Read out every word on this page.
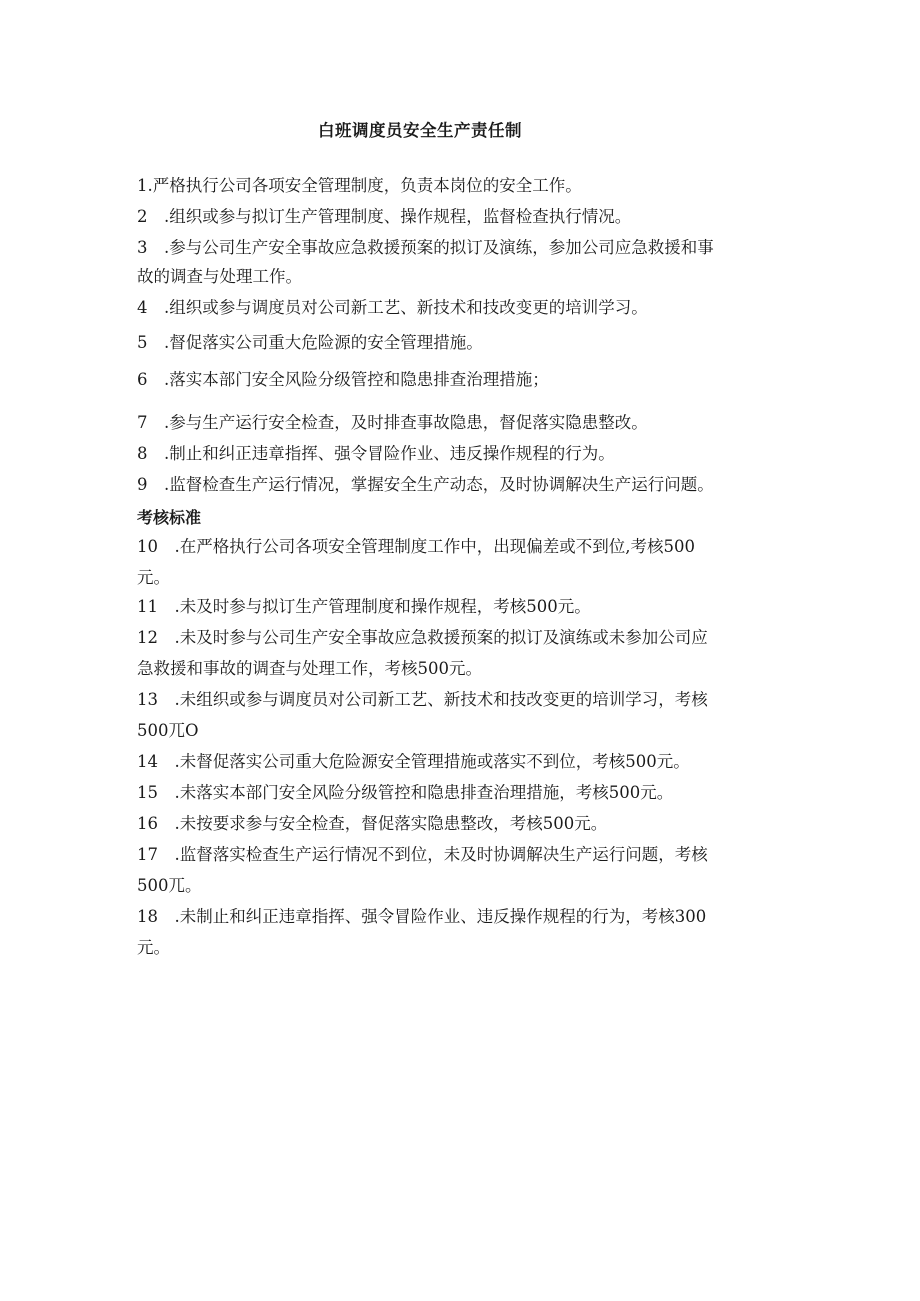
白班调度员安全生产责任制
1.严格执行公司各项安全管理制度，负责本岗位的安全工作。
2　.组织或参与拟订生产管理制度、操作规程，监督检查执行情况。
3　.参与公司生产安全事故应急救援预案的拟订及演练，参加公司应急救援和事
故的调查与处理工作。
4　.组织或参与调度员对公司新工艺、新技术和技改变更的培训学习。
5　.督促落实公司重大危险源的安全管理措施。
6　.落实本部门安全风险分级管控和隐患排查治理措施；
7　.参与生产运行安全检查，及时排查事故隐患，督促落实隐患整改。
8　.制止和纠正违章指挥、强令冒险作业、违反操作规程的行为。
9　.监督检查生产运行情况，掌握安全生产动态，及时协调解决生产运行问题。
考核标准
10　.在严格执行公司各项安全管理制度工作中，出现偏差或不到位,考核500
元。
11　.未及时参与拟订生产管理制度和操作规程，考核500元。
12　.未及时参与公司生产安全事故应急救援预案的拟订及演练或未参加公司应
急救援和事故的调查与处理工作，考核500元。
13　.未组织或参与调度员对公司新工艺、新技术和技改变更的培训学习，考核
500兀O
14　.未督促落实公司重大危险源安全管理措施或落实不到位，考核500元。
15　.未落实本部门安全风险分级管控和隐患排查治理措施，考核500元。
16　.未按要求参与安全检查，督促落实隐患整改，考核500元。
17　.监督落实检查生产运行情况不到位，未及时协调解决生产运行问题，考核
500兀。
18　.未制止和纠正违章指挥、强令冒险作业、违反操作规程的行为，考核300
元。
